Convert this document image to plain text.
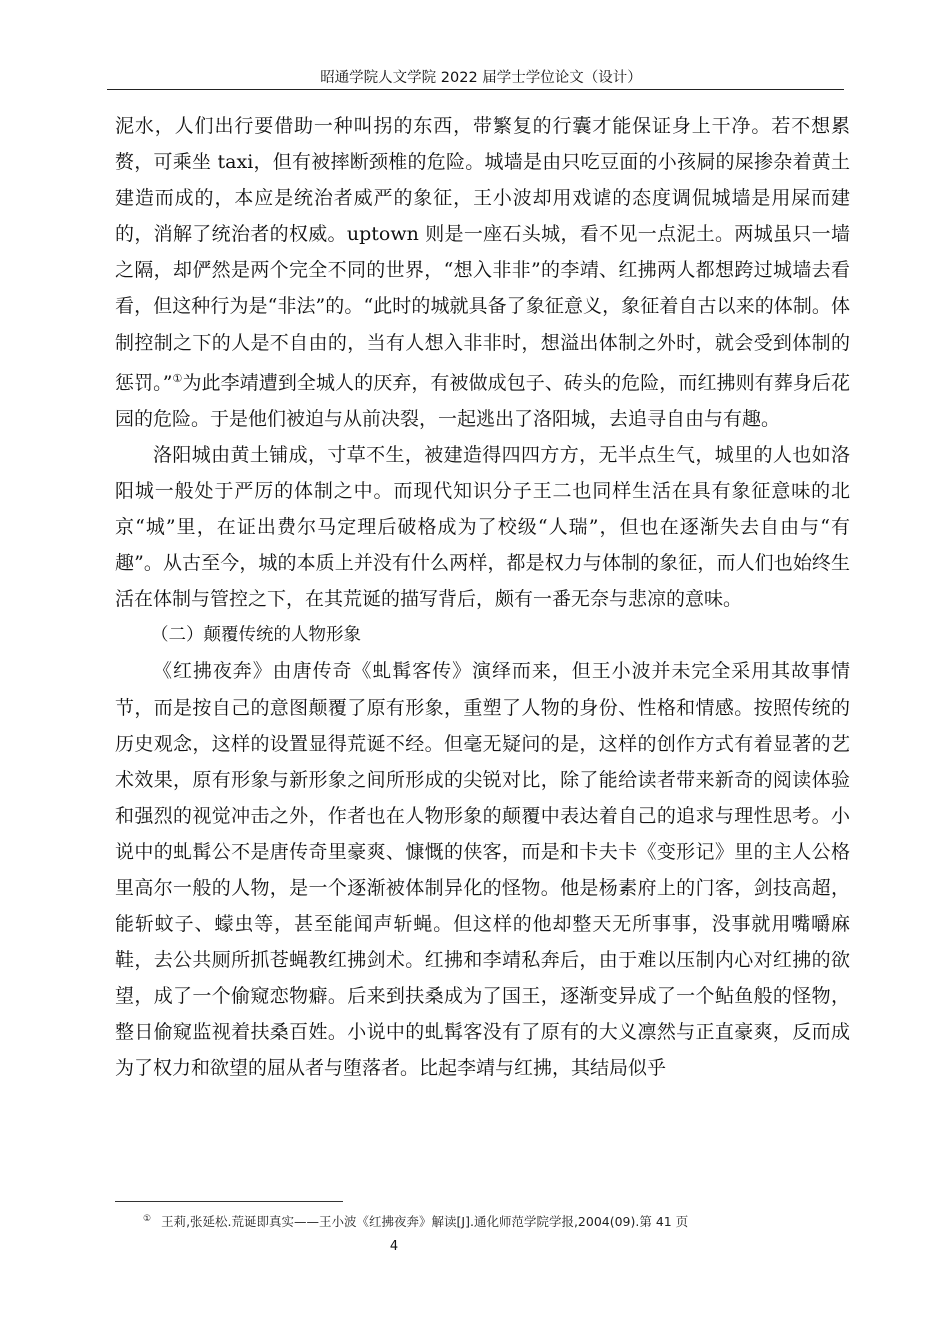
昭通学院人文学院 2022 届学士学位论文（设计）

泥水，人们出行要借助一种叫拐的东西，带繁复的行囊才能保证身上干净。若不想累赘，可乘坐 taxi，但有被摔断颈椎的危险。城墙是由只吃豆面的小孩屙的屎掺杂着黄土建造而成的，本应是统治者威严的象征，王小波却用戏谑的态度调侃城墙是用屎而建的，消解了统治者的权威。uptown 则是一座石头城，看不见一点泥土。两城虽只一墙之隔，却俨然是两个完全不同的世界，“想入非非”的李靖、红拂两人都想跨过城墙去看看，但这种行为是“非法”的。“此时的城就具备了象征意义，象征着自古以来的体制。体制控制之下的人是不自由的，当有人想入非非时，想溢出体制之外时，就会受到体制的惩罚。”①为此李靖遭到全城人的厌弃，有被做成包子、砖头的危险，而红拂则有葬身后花园的危险。于是他们被迫与从前决裂，一起逃出了洛阳城，去追寻自由与有趣。

洛阳城由黄土铺成，寸草不生，被建造得四四方方，无半点生气，城里的人也如洛阳城一般处于严厉的体制之中。而现代知识分子王二也同样生活在具有象征意味的北京“城”里，在证出费尔马定理后破格成为了校级“人瑞”，但也在逐渐失去自由与“有趣”。从古至今，城的本质上并没有什么两样，都是权力与体制的象征，而人们也始终生活在体制与管控之下，在其荒诞的描写背后，颇有一番无奈与悲凉的意味。

（二）颠覆传统的人物形象

《红拂夜奔》由唐传奇《虬髯客传》演绎而来，但王小波并未完全采用其故事情节，而是按自己的意图颠覆了原有形象，重塑了人物的身份、性格和情感。按照传统的历史观念，这样的设置显得荒诞不经。但毫无疑问的是，这样的创作方式有着显著的艺术效果，原有形象与新形象之间所形成的尖锐对比，除了能给读者带来新奇的阅读体验和强烈的视觉冲击之外，作者也在人物形象的颠覆中表达着自己的追求与理性思考。小说中的虬髯公不是唐传奇里豪爽、慷慨的侠客，而是和卡夫卡《变形记》里的主人公格里高尔一般的人物，是一个逐渐被体制异化的怪物。他是杨素府上的门客，剑技高超，能斩蚊子、蠓虫等，甚至能闻声斩蝇。但这样的他却整天无所事事，没事就用嘴嚼麻鞋，去公共厕所抓苍蝇教红拂剑术。红拂和李靖私奔后，由于难以压制内心对红拂的欲望，成了一个偷窥恋物癖。后来到扶桑成为了国王，逐渐变异成了一个鲇鱼般的怪物，整日偷窥监视着扶桑百姓。小说中的虬髯客没有了原有的大义凛然与正直豪爽，反而成为了权力和欲望的屈从者与堕落者。比起李靖与红拂，其结局似乎

① 王莉,张延松.荒诞即真实——王小波《红拂夜奔》解读[J].通化师范学院学报,2004(09).第 41 页
4
